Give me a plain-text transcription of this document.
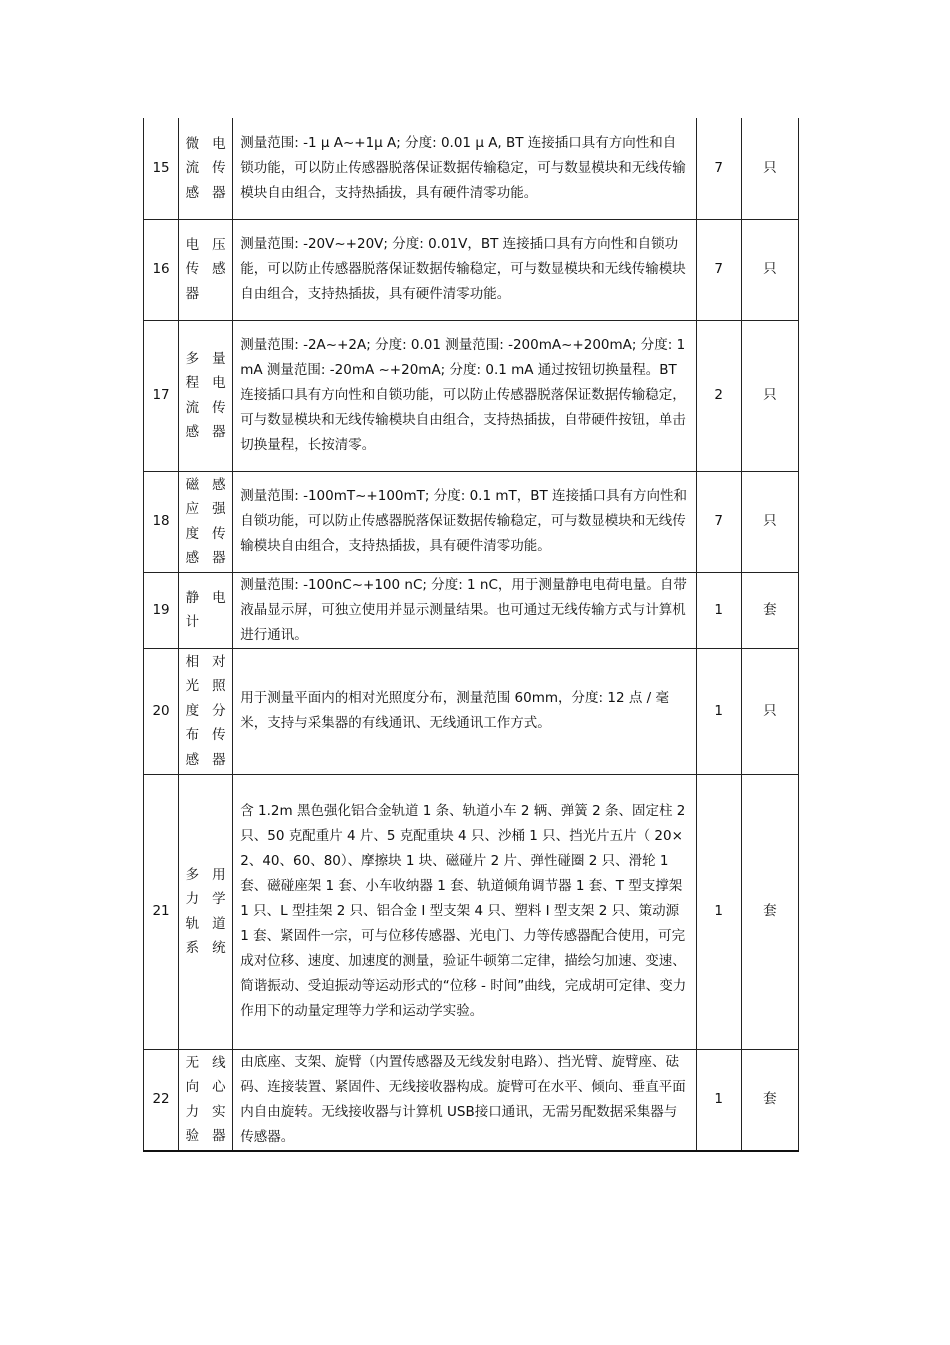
15	微电流传感器	测量范围: -1 μ A~+1μ A; 分度: 0.01 μ A, BT 连接插口具有方向性和自锁功能，可以防止传感器脱落保证数据传输稳定，可与数显模块和无线传输模块自由组合，支持热插拔，具有硬件清零功能。	7	只
16	电压传感器	测量范围: -20V~+20V; 分度: 0.01V，BT 连接插口具有方向性和自锁功能，可以防止传感器脱落保证数据传输稳定，可与数显模块和无线传输模块自由组合，支持热插拔，具有硬件清零功能。	7	只
17	多量程电流传感器	测量范围: -2A~+2A; 分度: 0.01 测量范围: -200mA~+200mA; 分度: 1mA 测量范围: -20mA ~+20mA; 分度: 0.1 mA 通过按钮切换量程。BT连接插口具有方向性和自锁功能，可以防止传感器脱落保证数据传输稳定，可与数显模块和无线传输模块自由组合，支持热插拔，自带硬件按钮，单击切换量程，长按清零。	2	只
18	磁感应强度传感器	测量范围: -100mT~+100mT; 分度: 0.1 mT，BT 连接插口具有方向性和自锁功能，可以防止传感器脱落保证数据传输稳定，可与数显模块和无线传输模块自由组合，支持热插拔，具有硬件清零功能。	7	只
19	静电计	测量范围: -100nC~+100 nC; 分度: 1 nC，用于测量静电电荷电量。自带液晶显示屏，可独立使用并显示测量结果。也可通过无线传输方式与计算机进行通讯。	1	套
20	相对光照度分布传感器	用于测量平面内的相对光照度分布，测量范围 60mm，分度: 12 点 / 毫米，支持与采集器的有线通讯、无线通讯工作方式。	1	只
21	多用力学轨道系统	含 1.2m 黑色强化铝合金轨道 1 条、轨道小车 2 辆、弹簧 2 条、固定柱 2 只、50 克配重片 4 片、5 克配重块 4 只、沙桶 1 只、挡光片五片（ 20×2、40、60、80）、摩擦块 1 块、磁碰片 2 片、弹性碰圈 2 只、滑轮 1 套、磁碰座架 1 套、小车收纳器 1 套、轨道倾角调节器 1 套、T 型支撑架 1 只、L 型挂架 2 只、铝合金 I 型支架 4 只、塑料 I 型支架 2 只、策动源 1 套、紧固件一宗，可与位移传感器、光电门、力等传感器配合使用，可完成对位移、速度、加速度的测量，验证牛顿第二定律，描绘匀加速、变速、简谐振动、受迫振动等运动形式的“位移 - 时间”曲线，完成胡可定律、变力作用下的动量定理等力学和运动学实验。	1	套
22	无线向心力实验器	由底座、支架、旋臂（内置传感器及无线发射电路）、挡光臂、旋臂座、砝码、连接装置、紧固件、无线接收器构成。旋臂可在水平、倾向、垂直平面内自由旋转。无线接收器与计算机 USB接口通讯，无需另配数据采集器与传感器。	1	套
